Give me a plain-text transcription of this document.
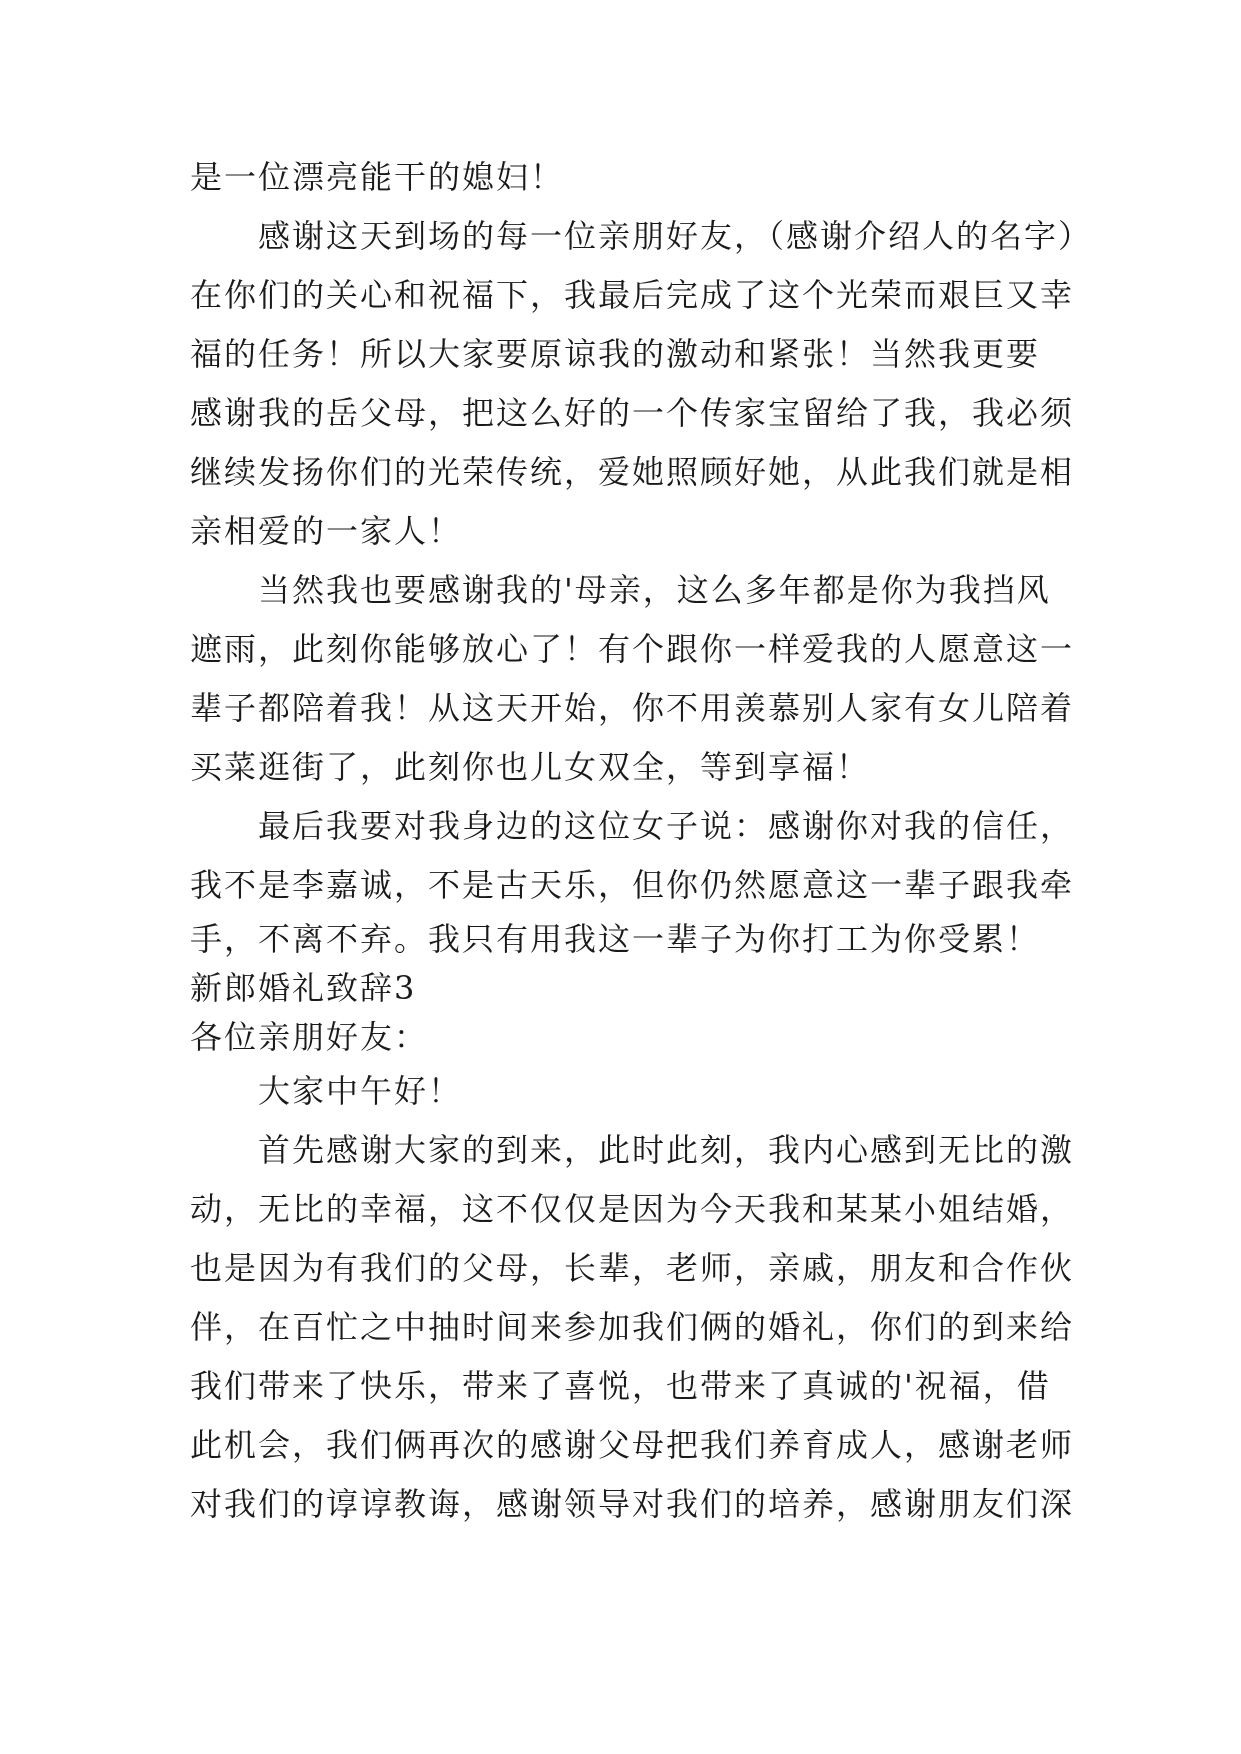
是一位漂亮能干的媳妇！
感谢这天到场的每一位亲朋好友，（感谢介绍人的名字）
在你们的关心和祝福下，我最后完成了这个光荣而艰巨又幸
福的任务！所以大家要原谅我的激动和紧张！当然我更要
感谢我的岳父母，把这么好的一个传家宝留给了我，我必须
继续发扬你们的光荣传统，爱她照顾好她，从此我们就是相
亲相爱的一家人！
当然我也要感谢我的'母亲，这么多年都是你为我挡风
遮雨，此刻你能够放心了！有个跟你一样爱我的人愿意这一
辈子都陪着我！从这天开始，你不用羡慕别人家有女儿陪着
买菜逛街了，此刻你也儿女双全，等到享福！
最后我要对我身边的这位女子说：感谢你对我的信任，
我不是李嘉诚，不是古天乐，但你仍然愿意这一辈子跟我牵
手，不离不弃。我只有用我这一辈子为你打工为你受累！
新郎婚礼致辞3
各位亲朋好友：
大家中午好！
首先感谢大家的到来，此时此刻，我内心感到无比的激
动，无比的幸福，这不仅仅是因为今天我和某某小姐结婚，
也是因为有我们的父母，长辈，老师，亲戚，朋友和合作伙
伴，在百忙之中抽时间来参加我们俩的婚礼，你们的到来给
我们带来了快乐，带来了喜悦，也带来了真诚的'祝福，借
此机会，我们俩再次的感谢父母把我们养育成人，感谢老师
对我们的谆谆教诲，感谢领导对我们的培养，感谢朋友们深
